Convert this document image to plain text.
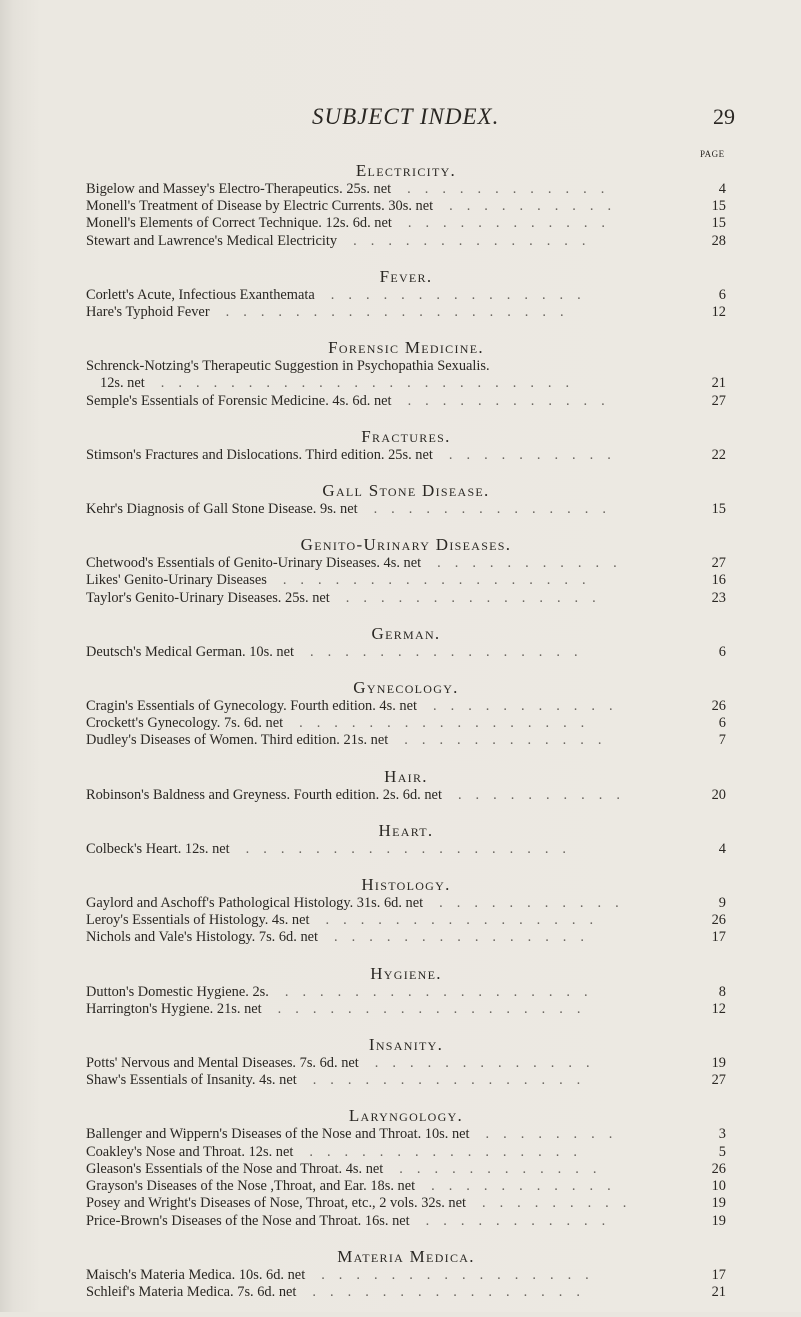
SUBJECT INDEX.	29
PAGE
Electricity.
Bigelow and Massey's Electro-Therapeutics. 25s. net ............	4
Monell's Treatment of Disease by Electric Currents. 30s. net ..........	15
Monell's Elements of Correct Technique. 12s. 6d. net ............	15
Stewart and Lawrence's Medical Electricity ..............	28
Fever.
Corlett's Acute, Infectious Exanthemata ...............	6
Hare's Typhoid Fever ....................	12
Forensic Medicine.
Schrenck-Notzing's Therapeutic Suggestion in Psychopathia Sexualis.
12s. net ........................	21
Semple's Essentials of Forensic Medicine. 4s. 6d. net ............	27
Fractures.
Stimson's Fractures and Dislocations. Third edition. 25s. net ..........	22
Gall Stone Disease.
Kehr's Diagnosis of Gall Stone Disease. 9s. net ..............	15
Genito-Urinary Diseases.
Chetwood's Essentials of Genito-Urinary Diseases. 4s. net ...........	27
Likes' Genito-Urinary Diseases ..................	16
Taylor's Genito-Urinary Diseases. 25s. net ...............	23
German.
Deutsch's Medical German. 10s. net ................	6
Gynecology.
Cragin's Essentials of Gynecology. Fourth edition. 4s. net ...........	26
Crockett's Gynecology. 7s. 6d. net .................	6
Dudley's Diseases of Women. Third edition. 21s. net ............	7
Hair.
Robinson's Baldness and Greyness. Fourth edition. 2s. 6d. net ..........	20
Heart.
Colbeck's Heart. 12s. net ...................	4
Histology.
Gaylord and Aschoff's Pathological Histology. 31s. 6d. net ...........	9
Leroy's Essentials of Histology. 4s. net ................	26
Nichols and Vale's Histology. 7s. 6d. net ...............	17
Hygiene.
Dutton's Domestic Hygiene. 2s. ..................	8
Harrington's Hygiene. 21s. net ..................	12
Insanity.
Potts' Nervous and Mental Diseases. 7s. 6d. net .............	19
Shaw's Essentials of Insanity. 4s. net ................	27
Laryngology.
Ballenger and Wippern's Diseases of the Nose and Throat. 10s. net ........	3
Coakley's Nose and Throat. 12s. net ................	5
Gleason's Essentials of the Nose and Throat. 4s. net ............	26
Grayson's Diseases of the Nose ,Throat, and Ear. 18s. net ...........	10
Posey and Wright's Diseases of Nose, Throat, etc., 2 vols. 32s. net .........	19
Price-Brown's Diseases of the Nose and Throat. 16s. net ...........	19
Materia Medica.
Maisch's Materia Medica. 10s. 6d. net ................	17
Schleif's Materia Medica. 7s. 6d. net ................	21
